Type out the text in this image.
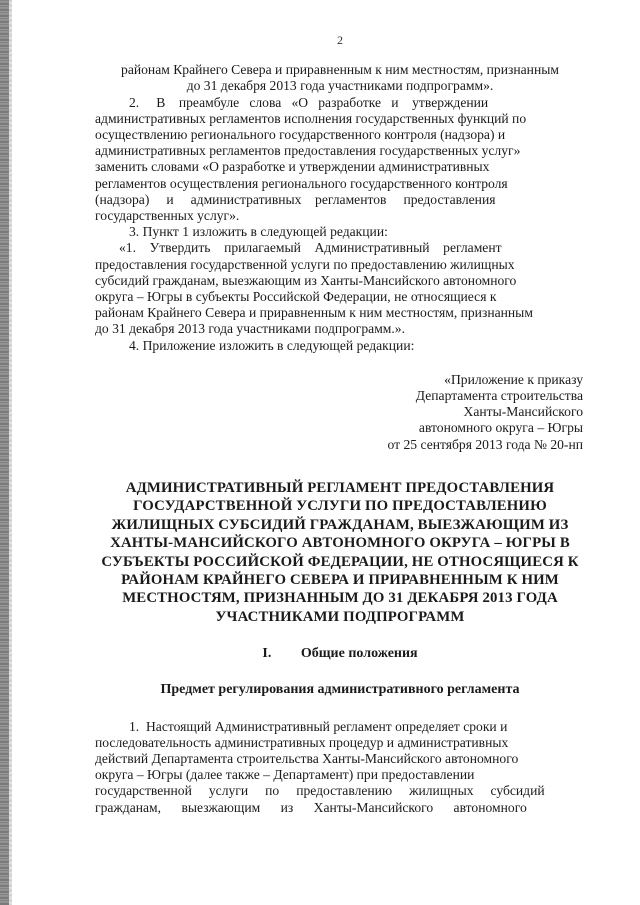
2
районам Крайнего Севера и приравненным к ним местностям, признанным
до 31 декабря 2013 года участниками подпрограмм».
2.     В    преамбуле   слова   «О   разработке   и    утверждении
административных регламентов исполнения государственных функций по
осуществлению регионального государственного контроля (надзора) и
административных регламентов предоставления государственных услуг»
заменить словами «О разработке и утверждении административных
регламентов осуществления регионального государственного контроля
(надзора)     и     административных    регламентов     предоставления
государственных услуг».
3. Пункт 1 изложить в следующей редакции:
«1.    Утвердить    прилагаемый    Административный    регламент
предоставления государственной услуги по предоставлению жилищных
субсидий гражданам, выезжающим из Ханты-Мансийского автономного
округа – Югры в субъекты Российской Федерации, не относящиеся к
районам Крайнего Севера и приравненным к ним местностям, признанным
до 31 декабря 2013 года участниками подпрограмм.».
4. Приложение изложить в следующей редакции:
«Приложение к приказу
Департамента строительства
Ханты-Мансийского
автономного округа – Югры
от 25 сентября 2013 года № 20-нп
АДМИНИСТРАТИВНЫЙ РЕГЛАМЕНТ ПРЕДОСТАВЛЕНИЯ
ГОСУДАРСТВЕННОЙ УСЛУГИ ПО ПРЕДОСТАВЛЕНИЮ
ЖИЛИЩНЫХ СУБСИДИЙ ГРАЖДАНАМ, ВЫЕЗЖАЮЩИМ ИЗ
ХАНТЫ-МАНСИЙСКОГО АВТОНОМНОГО ОКРУГА – ЮГРЫ В
СУБЪЕКТЫ РОССИЙСКОЙ ФЕДЕРАЦИИ, НЕ ОТНОСЯЩИЕСЯ К
РАЙОНАМ КРАЙНЕГО СЕВЕРА И ПРИРАВНЕННЫМ К НИМ
МЕСТНОСТЯМ, ПРИЗНАННЫМ ДО 31 ДЕКАБРЯ 2013 ГОДА
УЧАСТНИКАМИ ПОДПРОГРАММ
I. Общие положения
Предмет регулирования административного регламента
1.  Настоящий Административный регламент определяет сроки и
последовательность административных процедур и административных
действий Департамента строительства Ханты-Мансийского автономного
округа – Югры (далее также – Департамент) при предоставлении
государственной     услуги     по     предоставлению     жилищных     субсидий
гражданам,      выезжающим      из      Ханты-Мансийского      автономного
